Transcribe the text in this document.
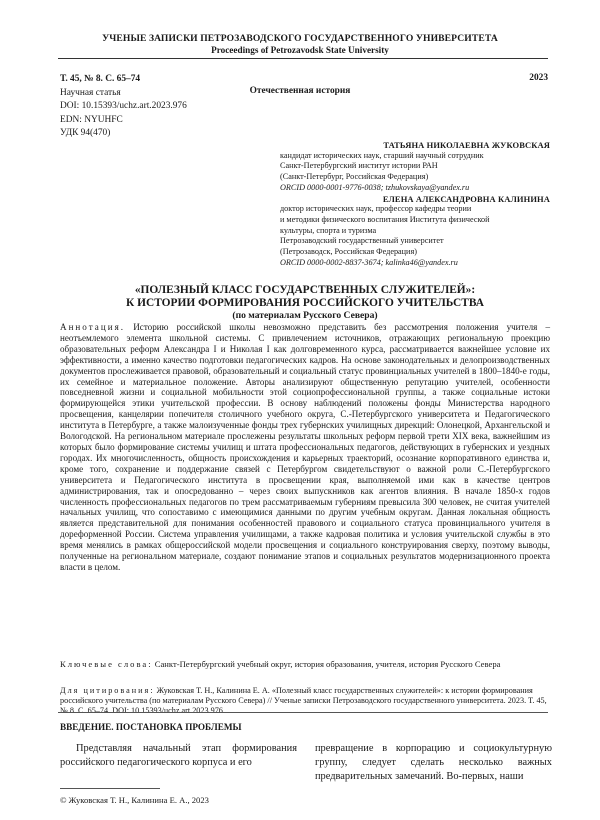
УЧЕНЫЕ ЗАПИСКИ ПЕТРОЗАВОДСКОГО ГОСУДАРСТВЕННОГО УНИВЕРСИТЕТА
Proceedings of Petrozavodsk State University
Т. 45, № 8. С. 65–74
Научная статья
DOI: 10.15393/uchz.art.2023.976
EDN: NYUHFC
УДК 94(470)
Отечественная история
2023
ТАТЬЯНА НИКОЛАЕВНА ЖУКОВСКАЯ

кандидат исторических наук, старший научный сотрудник

Санкт-Петербургский институт истории РАН

(Санкт-Петербург, Российская Федерация)

ORCID 0000-0001-9776-0038; tzhukovskaya@yandex.ru

ЕЛЕНА АЛЕКСАНДРОВНА КАЛИНИНА

доктор исторических наук, профессор кафедры теории

и методики физического воспитания Института физической

культуры, спорта и туризма

Петрозаводский государственный университет

(Петрозаводск, Российская Федерация)

ORCID 0000-0002-8837-3674; kalinka46@yandex.ru

«ПОЛЕЗНЫЙ КЛАСС ГОСУДАРСТВЕННЫХ СЛУЖИТЕЛЕЙ»:
К ИСТОРИИ ФОРМИРОВАНИЯ РОССИЙСКОГО УЧИТЕЛЬСТВА
(по материалам Русского Севера)
Аннотация. Историю российской школы невозможно представить без рассмотрения положения учителя – неотъемлемого элемента школьной системы. С привлечением источников, отражающих региональную проекцию образовательных реформ Александра I и Николая I как долговременного курса, рассматривается важнейшее условие их эффективности, а именно качество подготовки педагогических кадров. На основе законодательных и делопроизводственных документов прослеживается правовой, образовательный и социальный статус провинциальных учителей в 1800–1840-е годы, их семейное и материальное положение. Авторы анализируют общественную репутацию учителей, особенности повседневной жизни и социальной мобильности этой социопрофессиональной группы, а также социальные истоки формирующейся этики учительской профессии. В основу наблюдений положены фонды Министерства народного просвещения, канцелярии попечителя столичного учебного округа, С.-Петербургского университета и Педагогического института в Петербурге, а также малоизученные фонды трех губернских училищных дирекций: Олонецкой, Архангельской и Вологодской. На региональном материале прослежены результаты школьных реформ первой трети XIX века, важнейшим из которых было формирование системы училищ и штата профессиональных педагогов, действующих в губернских и уездных городах. Их многочисленность, общность происхождения и карьерных траекторий, осознание корпоративного единства и, кроме того, сохранение и поддержание связей с Петербургом свидетельствуют о важной роли С.-Петербургского университета и Педагогического института в просвещении края, выполняемой ими как в качестве центров администрирования, так и опосредованно – через своих выпускников как агентов влияния. В начале 1850-х годов численность профессиональных педагогов по трем рассматриваемым губерниям превысила 300 человек, не считая учителей начальных училищ, что сопоставимо с имеющимися данными по другим учебным округам. Данная локальная общность является представительной для понимания особенностей правового и социального статуса провинциального учителя в дореформенной России. Система управления училищами, а также кадровая политика и условия учительской службы в это время менялись в рамках общероссийской модели просвещения и социального конструирования сверху, поэтому выводы, полученные на региональном материале, создают понимание этапов и социальных результатов модернизационного проекта власти в целом.
Ключевые слова: Санкт-Петербургский учебный округ, история образования, учителя, история Русского Севера
Для цитирования: Жуковская Т. Н., Калинина Е. А. «Полезный класс государственных служителей»: к истории формирования российского учительства (по материалам Русского Севера) // Ученые записки Петрозаводского государственного университета. 2023. Т. 45, № 8. С. 65–74. DOI: 10.15393/uchz.art.2023.976
ВВЕДЕНИЕ. ПОСТАНОВКА ПРОБЛЕМЫ

Представляя начальный этап формирования российского педагогического корпуса и его

превращение в корпорацию и социокультурную группу, следует сделать несколько важных предварительных замечаний. Во-первых, наши

© Жуковская Т. Н., Калинина Е. А., 2023
